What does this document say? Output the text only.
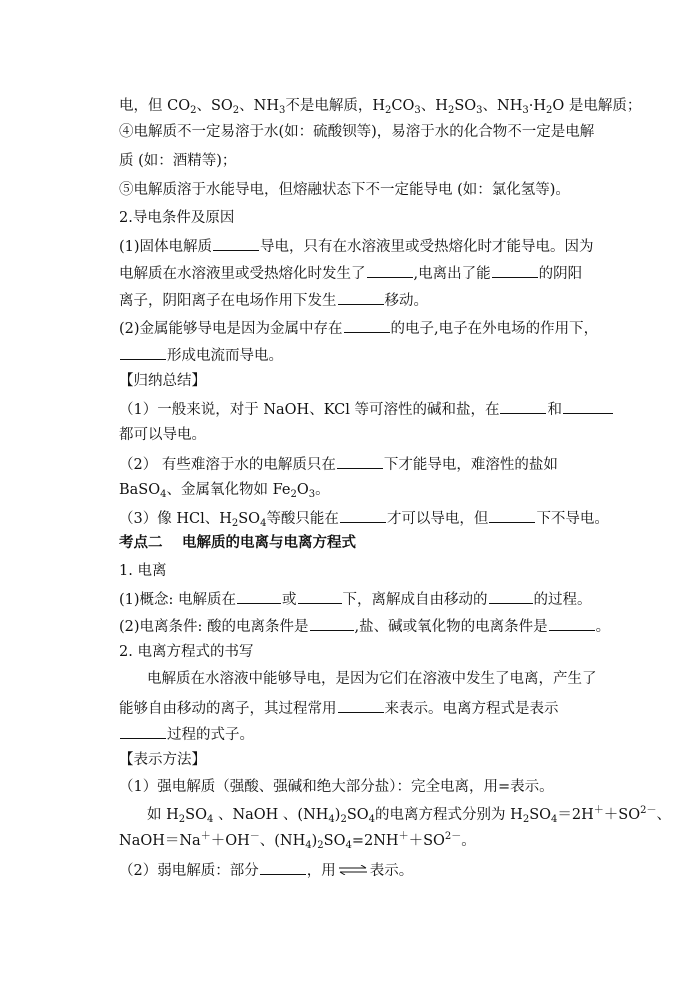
电，但 $CO_2$、$SO_2$、$NH_3$不是电解质，$H_2CO_3$、$H_2SO_3$、$NH_3\cdot H_2O$ 是电解质；
④电解质不一定易溶于水(如：硫酸钡等)，易溶于水的化合物不一定是电解
质 (如：酒精等)；
⑤电解质溶于水能导电，但熔融状态下不一定能导电 (如：氯化氢等)。
2.导电条件及原因
(1)固体电解质	导电，只有在水溶液里或受热熔化时才能导电。因为
电解质在水溶液里或受热熔化时发生了	,电离出了能	的阴阳
离子，阴阳离子在电场作用下发生	移动。
(2)金属能够导电是因为金属中存在	的电子,电子在外电场的作用下，
形成电流而导电。
【归纳总结】
（1）一般来说，对于 NaOH、KCl 等可溶性的碱和盐，在	和
都可以导电。
（2） 有些难溶于水的电解质只在	下才能导电，难溶性的盐如
BaSO$_4$、金属氧化物如 $Fe_2O_3$。
（3）像 HCl、$H_2SO_4$等酸只能在	才可以导电，但	下不导电。
考点二　 电解质的电离与电离方程式
1. 电离
(1)概念: 电解质在	或	下，离解成自由移动的	的过程。
(2)电离条件: 酸的电离条件是	,盐、碱或氧化物的电离条件是	。
2. 电离方程式的书写
电解质在水溶液中能够导电，是因为它们在溶液中发生了电离，产生了
能够自由移动的离子，其过程常用	来表示。电离方程式是表示
过程的式子。
【表示方法】
（1）强电解质（强酸、强碱和绝大部分盐）：完全电离，用=表示。
如 $H_2SO_4$ 、NaOH 、$(NH_4)_2SO_4$的电离方程式分别为 $H_2SO_4=2H^++SO^{2-}$、
NaOH＝Na＋＋OH－、$(NH_4)_2SO_4=2NH^++SO^{2-}$。
（2）弱电解质：部分	，用 ⇌ 表示。
